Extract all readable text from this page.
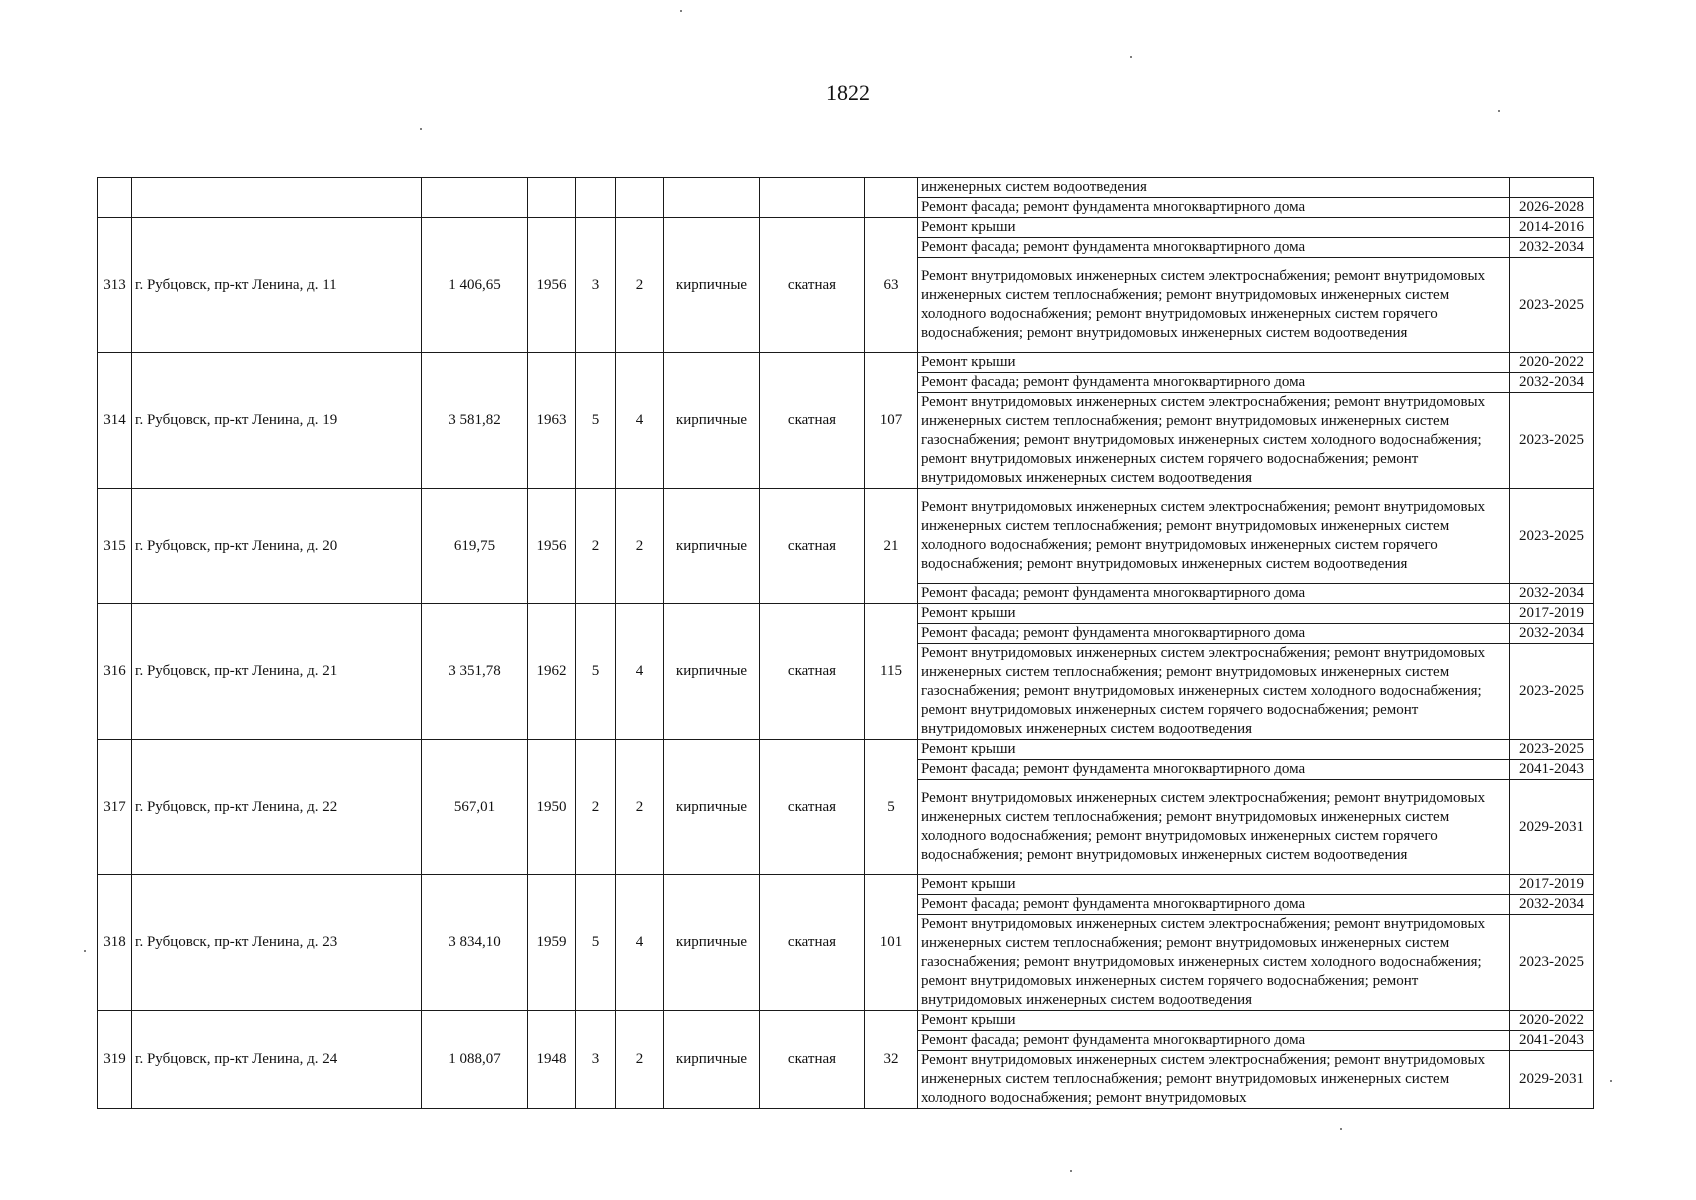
1822
									инженерных систем водоотведения	
									Ремонт фасада; ремонт фундамента многоквартирного дома	2026-2028
313	г. Рубцовск, пр-кт Ленина, д. 11	1 406,65	1956	3	2	кирпичные	скатная	63	Ремонт крыши	2014-2016
									Ремонт фасада; ремонт фундамента многоквартирного дома	2032-2034
									Ремонт внутридомовых инженерных систем электроснабжения; ремонт внутридомовых инженерных систем теплоснабжения; ремонт внутридомовых инженерных систем холодного водоснабжения; ремонт внутридомовых инженерных систем горячего водоснабжения; ремонт внутридомовых инженерных систем водоотведения	2023-2025
314	г. Рубцовск, пр-кт Ленина, д. 19	3 581,82	1963	5	4	кирпичные	скатная	107	Ремонт крыши	2020-2022
									Ремонт фасада; ремонт фундамента многоквартирного дома	2032-2034
									Ремонт внутридомовых инженерных систем электроснабжения; ремонт внутридомовых инженерных систем теплоснабжения; ремонт внутридомовых инженерных систем газоснабжения; ремонт внутридомовых инженерных систем холодного водоснабжения; ремонт внутридомовых инженерных систем горячего водоснабжения; ремонт внутридомовых инженерных систем водоотведения	2023-2025
315	г. Рубцовск, пр-кт Ленина, д. 20	619,75	1956	2	2	кирпичные	скатная	21	Ремонт внутридомовых инженерных систем электроснабжения; ремонт внутридомовых инженерных систем теплоснабжения; ремонт внутридомовых инженерных систем холодного водоснабжения; ремонт внутридомовых инженерных систем горячего водоснабжения; ремонт внутридомовых инженерных систем водоотведения	2023-2025
									Ремонт фасада; ремонт фундамента многоквартирного дома	2032-2034
316	г. Рубцовск, пр-кт Ленина, д. 21	3 351,78	1962	5	4	кирпичные	скатная	115	Ремонт крыши	2017-2019
									Ремонт фасада; ремонт фундамента многоквартирного дома	2032-2034
									Ремонт внутридомовых инженерных систем электроснабжения; ремонт внутридомовых инженерных систем теплоснабжения; ремонт внутридомовых инженерных систем газоснабжения; ремонт внутридомовых инженерных систем холодного водоснабжения; ремонт внутридомовых инженерных систем горячего водоснабжения; ремонт внутридомовых инженерных систем водоотведения	2023-2025
317	г. Рубцовск, пр-кт Ленина, д. 22	567,01	1950	2	2	кирпичные	скатная	5	Ремонт крыши	2023-2025
									Ремонт фасада; ремонт фундамента многоквартирного дома	2041-2043
									Ремонт внутридомовых инженерных систем электроснабжения; ремонт внутридомовых инженерных систем теплоснабжения; ремонт внутридомовых инженерных систем холодного водоснабжения; ремонт внутридомовых инженерных систем горячего водоснабжения; ремонт внутридомовых инженерных систем водоотведения	2029-2031
318	г. Рубцовск, пр-кт Ленина, д. 23	3 834,10	1959	5	4	кирпичные	скатная	101	Ремонт крыши	2017-2019
									Ремонт фасада; ремонт фундамента многоквартирного дома	2032-2034
									Ремонт внутридомовых инженерных систем электроснабжения; ремонт внутридомовых инженерных систем теплоснабжения; ремонт внутридомовых инженерных систем газоснабжения; ремонт внутридомовых инженерных систем холодного водоснабжения; ремонт внутридомовых инженерных систем горячего водоснабжения; ремонт внутридомовых инженерных систем водоотведения	2023-2025
319	г. Рубцовск, пр-кт Ленина, д. 24	1 088,07	1948	3	2	кирпичные	скатная	32	Ремонт крыши	2020-2022
									Ремонт фасада; ремонт фундамента многоквартирного дома	2041-2043
									Ремонт внутридомовых инженерных систем электроснабжения; ремонт внутридомовых инженерных систем теплоснабжения; ремонт внутридомовых инженерных систем холодного водоснабжения; ремонт внутридомовых	2029-2031
